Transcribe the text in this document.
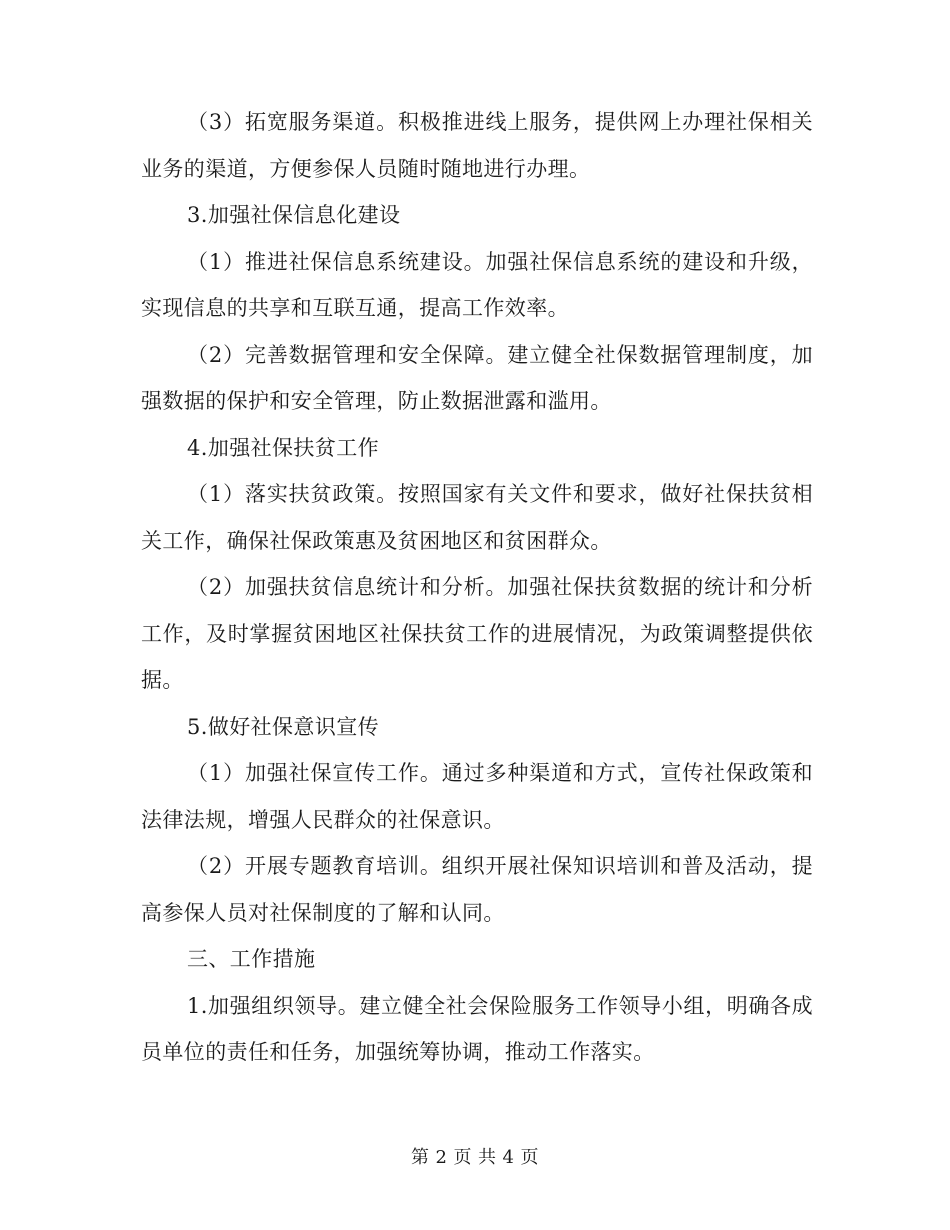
（3）拓宽服务渠道。积极推进线上服务，提供网上办理社保相关业务的渠道，方便参保人员随时随地进行办理。

3.加强社保信息化建设

（1）推进社保信息系统建设。加强社保信息系统的建设和升级，实现信息的共享和互联互通，提高工作效率。

（2）完善数据管理和安全保障。建立健全社保数据管理制度，加强数据的保护和安全管理，防止数据泄露和滥用。

4.加强社保扶贫工作

（1）落实扶贫政策。按照国家有关文件和要求，做好社保扶贫相关工作，确保社保政策惠及贫困地区和贫困群众。

（2）加强扶贫信息统计和分析。加强社保扶贫数据的统计和分析工作，及时掌握贫困地区社保扶贫工作的进展情况，为政策调整提供依据。

5.做好社保意识宣传

（1）加强社保宣传工作。通过多种渠道和方式，宣传社保政策和法律法规，增强人民群众的社保意识。

（2）开展专题教育培训。组织开展社保知识培训和普及活动，提高参保人员对社保制度的了解和认同。

三、工作措施

1.加强组织领导。建立健全社会保险服务工作领导小组，明确各成员单位的责任和任务，加强统筹协调，推动工作落实。

第 2 页 共 4 页
